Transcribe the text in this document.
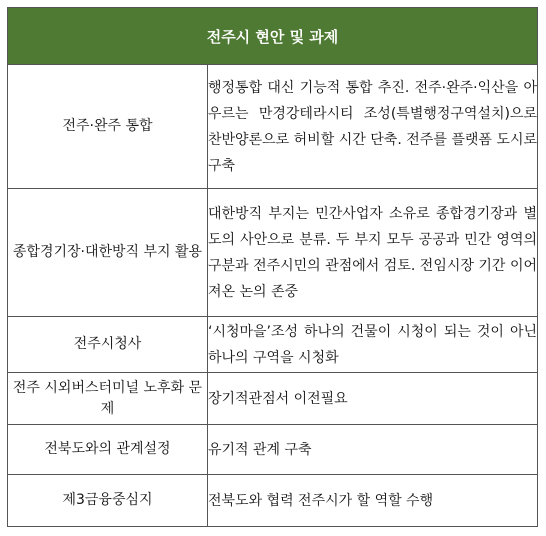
전주시 현안 및 과제	
전주·완주 통합	행정통합 대신 기능적 통합 추진. 전주·완주·익산을 아우르는 만경강테라시티 조성(특별행정구역설치)으로 찬반양론으로 허비할 시간 단축. 전주를 플랫폼 도시로 구축
종합경기장·대한방직 부지 활용	대한방직 부지는 민간사업자 소유로 종합경기장과 별도의 사안으로 분류. 두 부지 모두 공공과 민간 영역의 구분과 전주시민의 관점에서 검토. 전임시장 기간 이어져온 논의 존중
전주시청사	‘시청마을’조성 하나의 건물이 시청이 되는 것이 아닌 하나의 구역을 시청화
전주 시외버스터미널 노후화 문제	장기적관점서 이전필요
전북도와의 관계설정	유기적 관계 구축
제3금융중심지	전북도와 협력 전주시가 할 역할 수행
